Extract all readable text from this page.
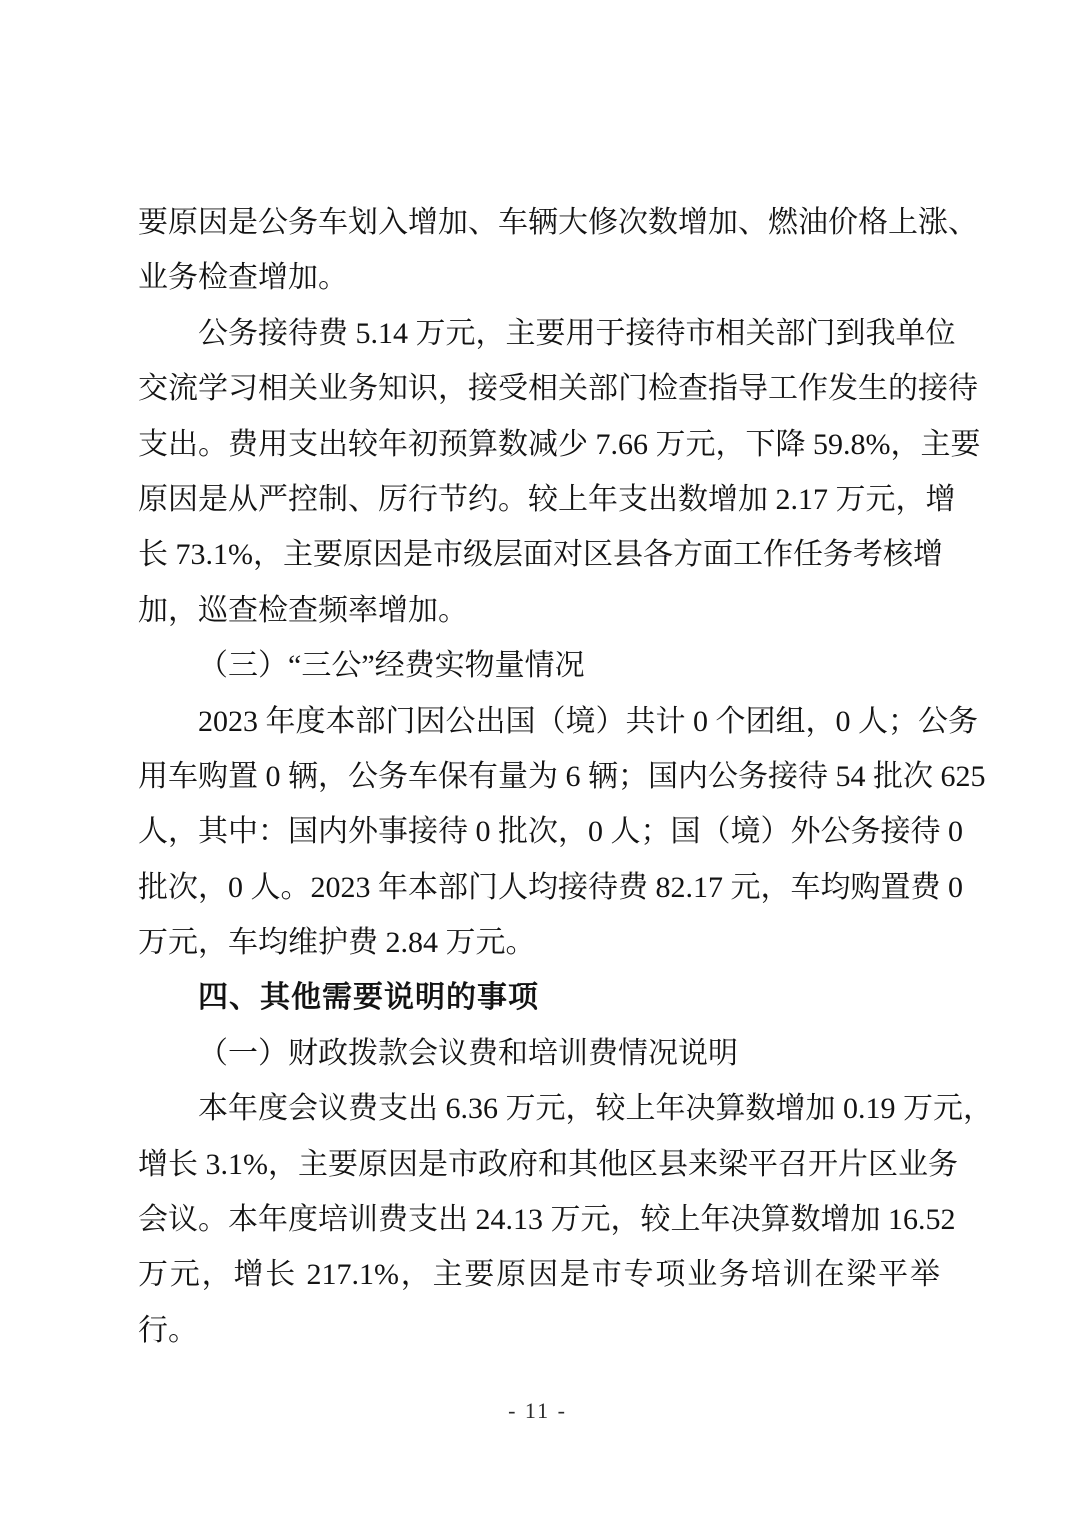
要原因是公务车划入增加、车辆大修次数增加、燃油价格上涨、
业务检查增加。
公务接待费 5.14 万元，主要用于接待市相关部门到我单位
交流学习相关业务知识，接受相关部门检查指导工作发生的接待
支出。费用支出较年初预算数减少 7.66 万元，下降 59.8%，主要
原因是从严控制、厉行节约。较上年支出数增加 2.17 万元，增
长 73.1%，主要原因是市级层面对区县各方面工作任务考核增
加，巡查检查频率增加。
（三）“三公”经费实物量情况
2023 年度本部门因公出国（境）共计 0 个团组，0 人；公务
用车购置 0 辆，公务车保有量为 6 辆；国内公务接待 54 批次 625
人，其中：国内外事接待 0 批次，0 人；国（境）外公务接待 0
批次，0 人。2023 年本部门人均接待费 82.17 元，车均购置费 0
万元，车均维护费 2.84 万元。
四、其他需要说明的事项
（一）财政拨款会议费和培训费情况说明
本年度会议费支出 6.36 万元，较上年决算数增加 0.19 万元，
增长 3.1%，主要原因是市政府和其他区县来梁平召开片区业务
会议。本年度培训费支出 24.13 万元，较上年决算数增加 16.52
万元，增长 217.1%，主要原因是市专项业务培训在梁平举行。
- 11 -
